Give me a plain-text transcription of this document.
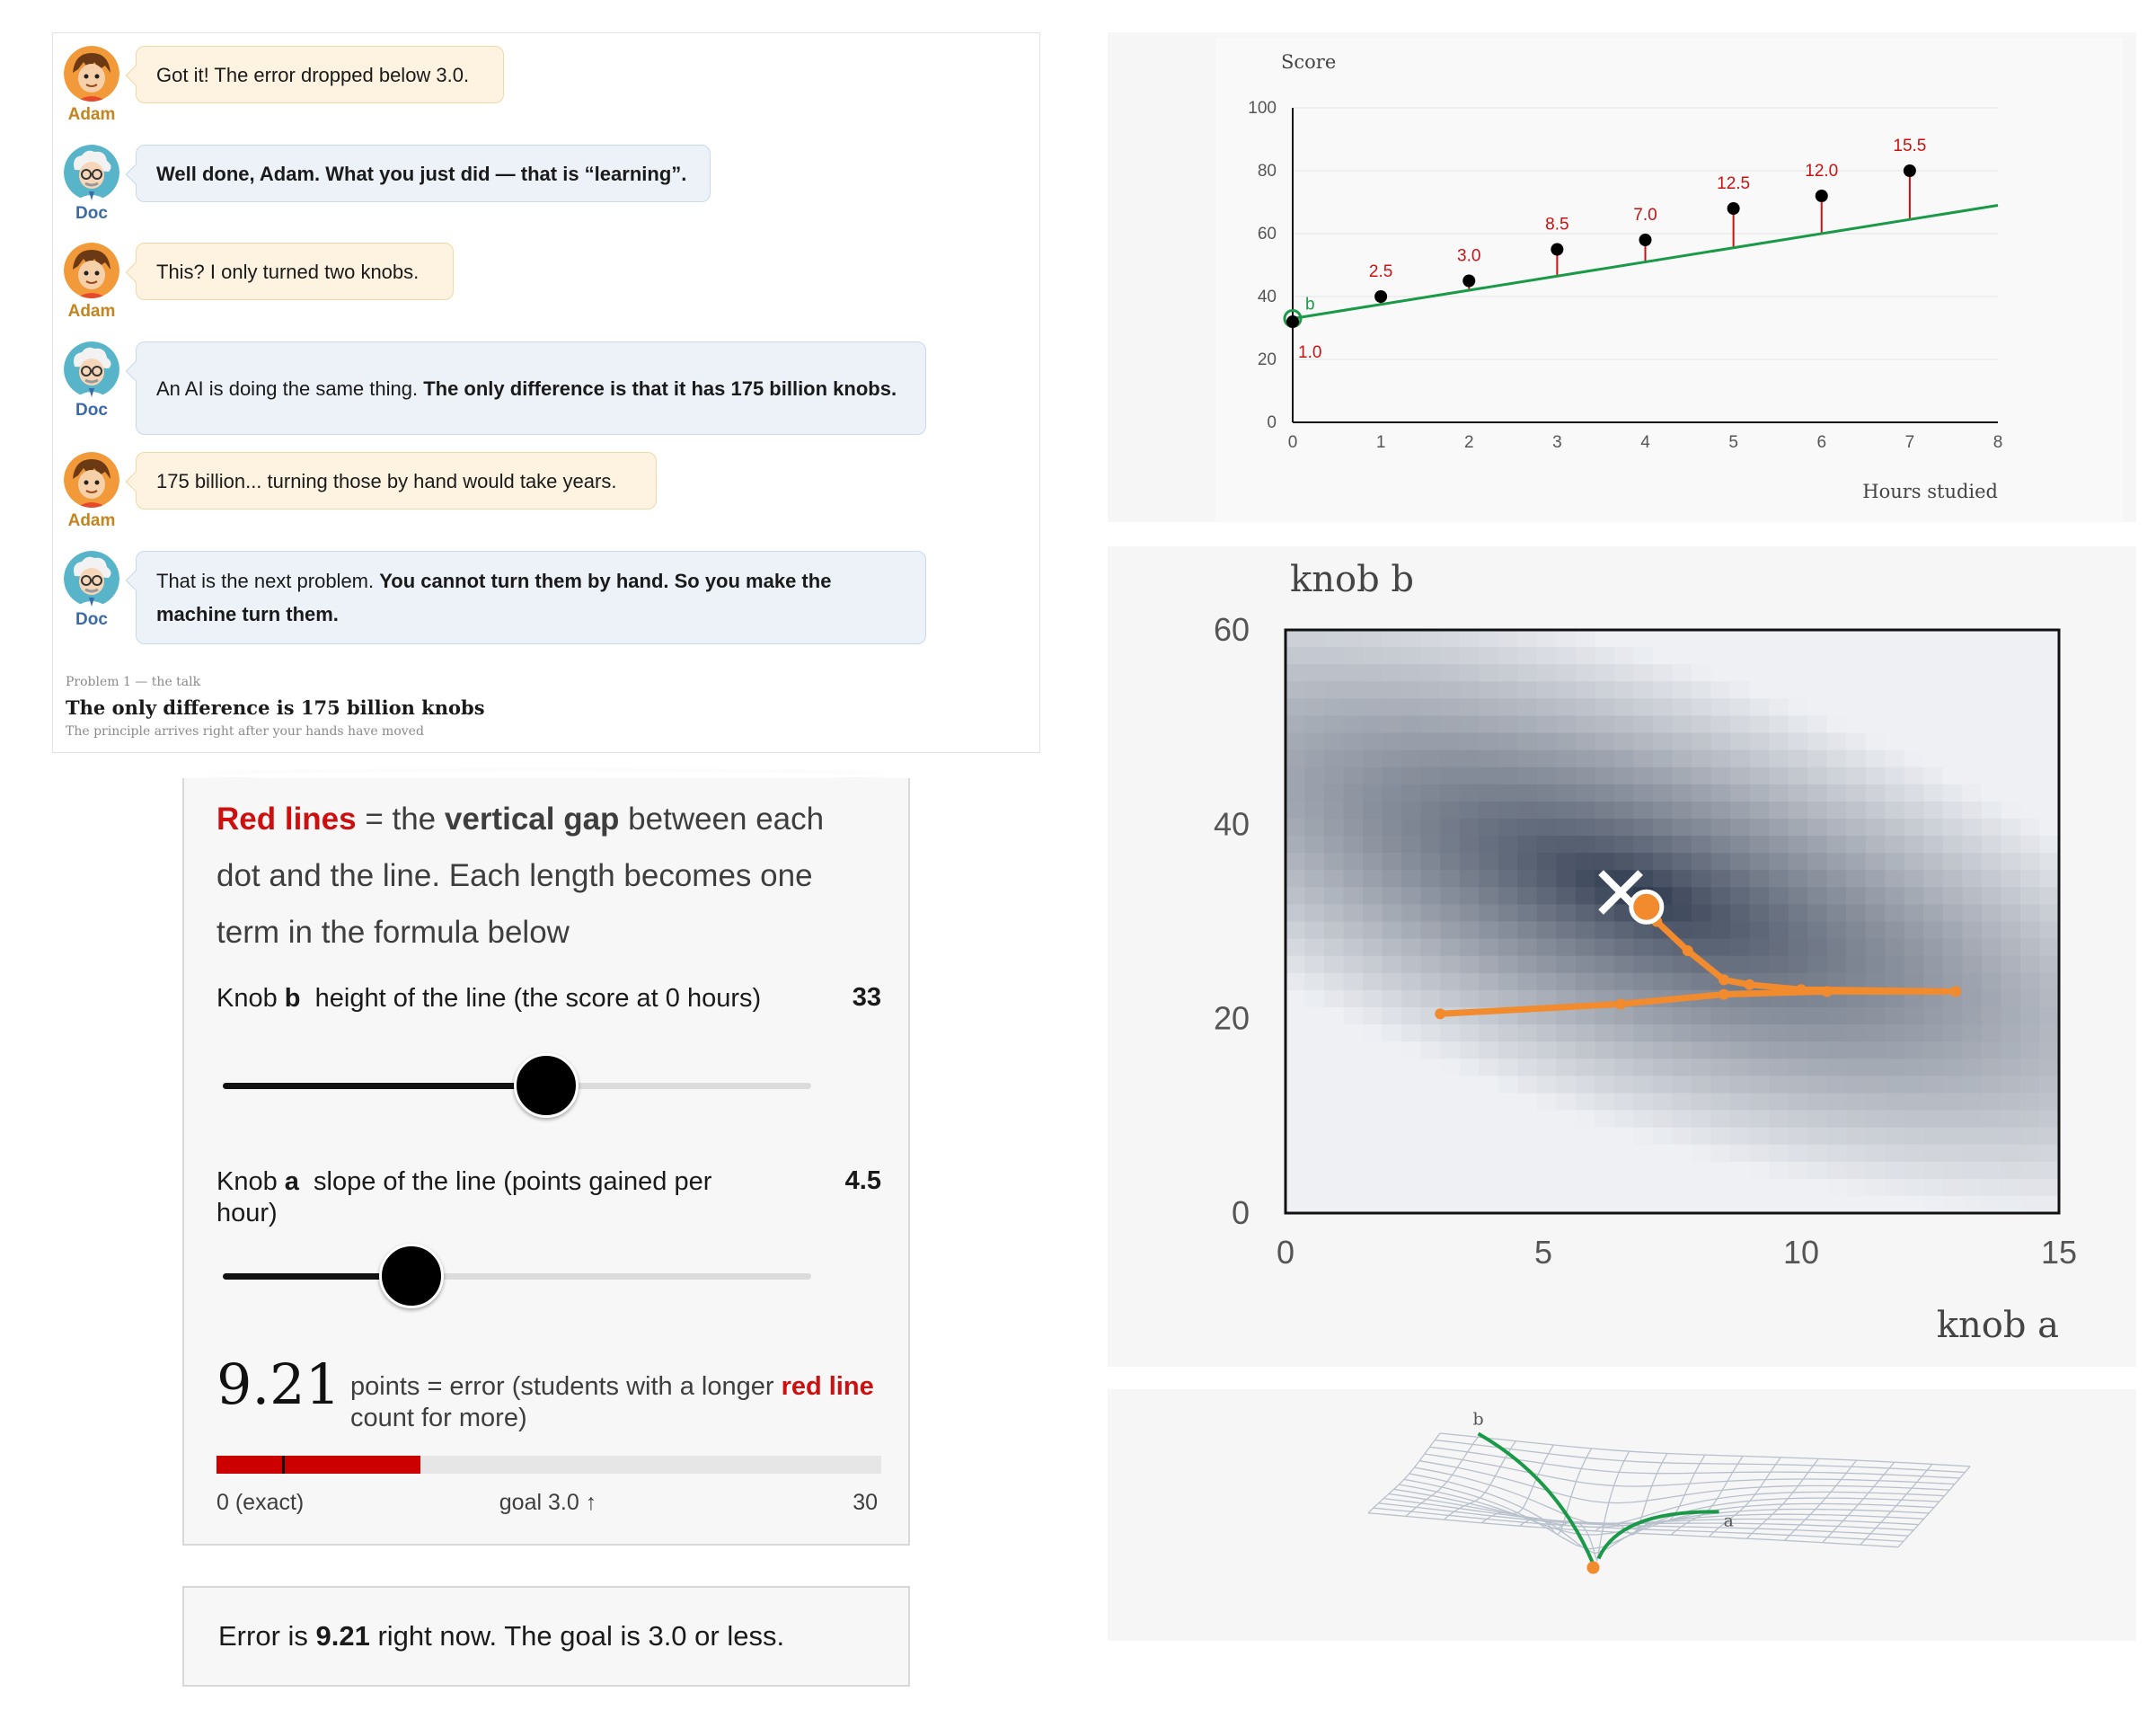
Adam
Got it! The error dropped below 3.0.
Doc
Well done, Adam. What you just did — that is “learning”.
Adam
This? I only turned two knobs.
Doc
An AI is doing the same thing. The only difference is that it has 175 billion knobs.
Adam
175 billion... turning those by hand would take years.
Doc
That is the next problem. You cannot turn them by hand. So you make the machine turn them.
Problem 1 — the talk
The only difference is 175 billion knobs
The principle arrives right after your hands have moved
Red lines = the vertical gap between each dot and the line. Each length becomes one term in the formula below
Knob b  height of the line (the score at 0 hours)	33
Knob a  slope of the line (points gained per hour)
4.5
9.21 points = error (students with a longer red line count for more)
0 (exact)	goal 3.0 ↑	30
Error is 9.21 right now. The goal is 3.0 or less.
0
20
40
60
80
100
0	1	2	3	4	5	6	7	8
Score
Hours studied
b
1.0
2.5
3.0
8.5	7.0
12.5
12.0
15.5
0
20
40
60
0	5	10	15
knob b
knob a
b
a
